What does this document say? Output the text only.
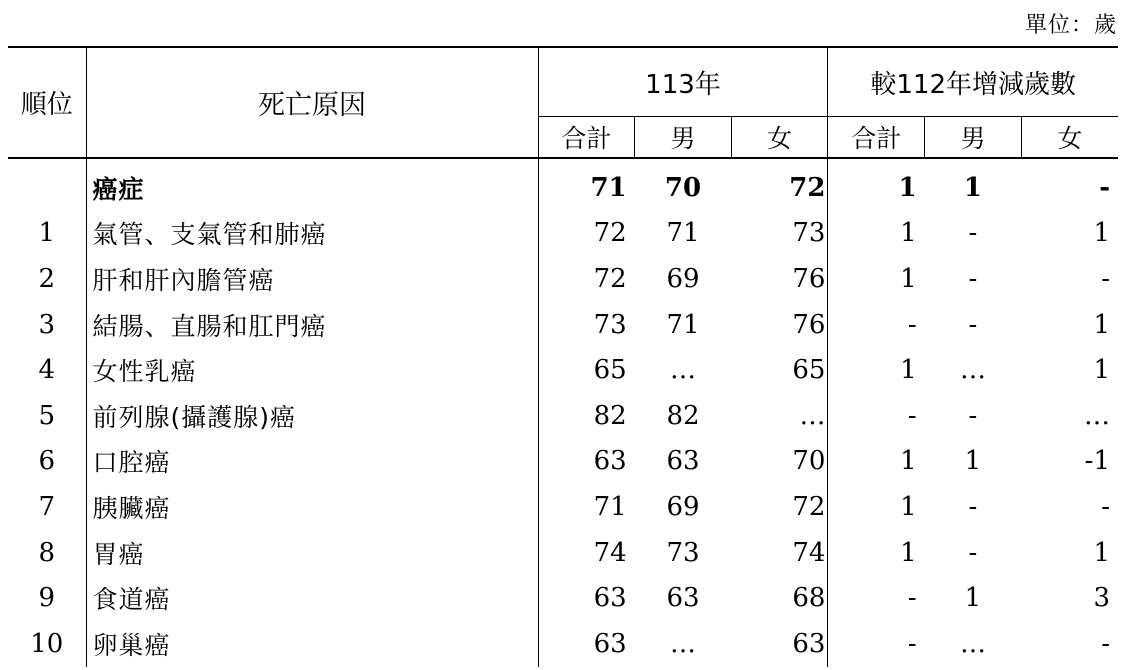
單位：歲
順位	死亡原因	113年			較112年增減歲數		
		合計	男	女	合計	男	女
	癌症	71	70	72	1	1	-
1	氣管、支氣管和肺癌	72	71	73	1	-	1
2	肝和肝內膽管癌	72	69	76	1	-	-
3	結腸、直腸和肛門癌	73	71	76	-	-	1
4	女性乳癌	65	…	65	1	…	1
5	前列腺(攝護腺)癌	82	82	…	-	-	…
6	口腔癌	63	63	70	1	1	-1
7	胰臟癌	71	69	72	1	-	-
8	胃癌	74	73	74	1	-	1
9	食道癌	63	63	68	-	1	3
10	卵巢癌	63	…	63	-	…	-
